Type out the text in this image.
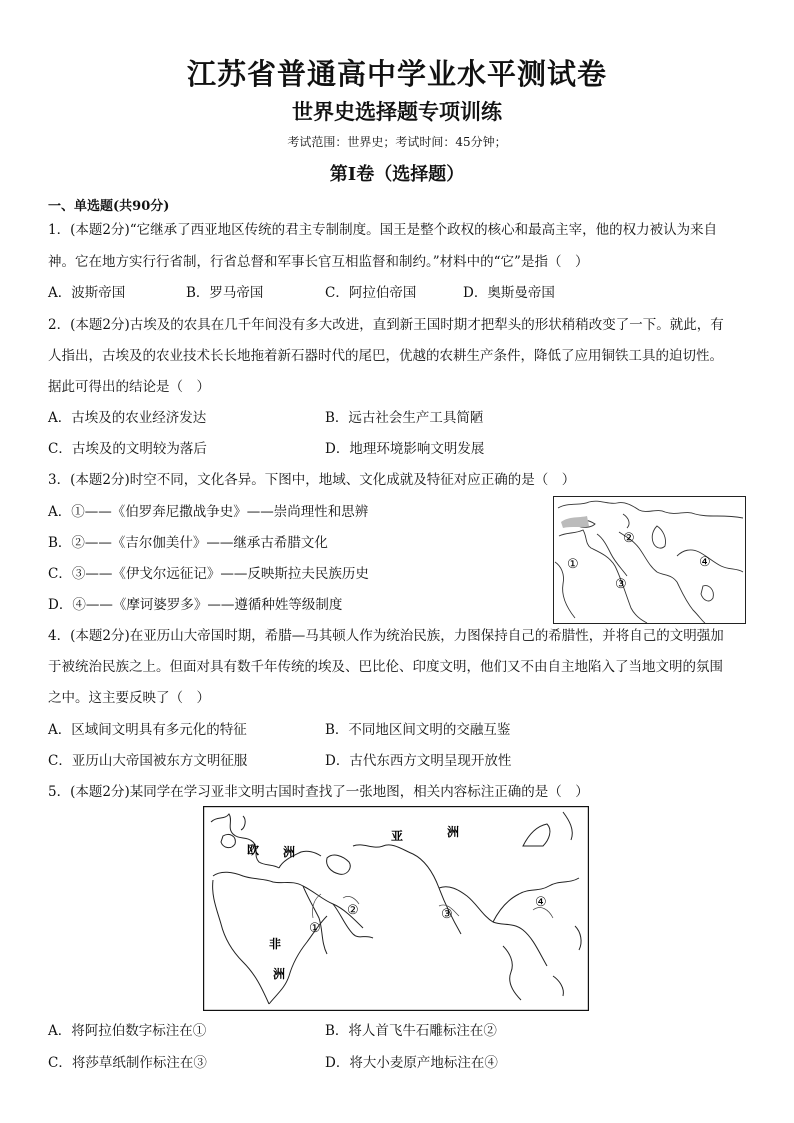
江苏省普通高中学业水平测试卷
世界史选择题专项训练
考试范围：世界史；考试时间：45分钟；
第Ⅰ卷（选择题）
一、单选题(共90分)
1．(本题2分)“它继承了西亚地区传统的君主专制制度。国王是整个政权的核心和最高主宰，他的权力被认为来自
神。它在地方实行行省制，行省总督和军事长官互相监督和制约。”材料中的“它”是指（　）
A．波斯帝国	B．罗马帝国	C．阿拉伯帝国	D．奥斯曼帝国
2．(本题2分)古埃及的农具在几千年间没有多大改进，直到新王国时期才把犁头的形状稍稍改变了一下。就此，有
人指出，古埃及的农业技术长长地拖着新石器时代的尾巴，优越的农耕生产条件，降低了应用铜铁工具的迫切性。
据此可得出的结论是（　）
A．古埃及的农业经济发达	B．远古社会生产工具简陋
C．古埃及的文明较为落后	D．地理环境影响文明发展
3．(本题2分)时空不同，文化各异。下图中，地域、文化成就及特征对应正确的是（　）
A．①——《伯罗奔尼撒战争史》——崇尚理性和思辨
B．②——《吉尔伽美什》——继承古希腊文化
C．③——《伊戈尔远征记》——反映斯拉夫民族历史
D．④——《摩诃婆罗多》——遵循种姓等级制度
①
②
③
④
4．(本题2分)在亚历山大帝国时期，希腊—马其顿人作为统治民族，力图保持自己的希腊性，并将自己的文明强加
于被统治民族之上。但面对具有数千年传统的埃及、巴比伦、印度文明，他们又不由自主地陷入了当地文明的氛围
之中。这主要反映了（　）
A．区域间文明具有多元化的特征	B．不同地区间文明的交融互鉴
C．亚历山大帝国被东方文明征服	D．古代东西方文明呈现开放性
5．(本题2分)某同学在学习亚非文明古国时查找了一张地图，相关内容标注正确的是（　）
欧 洲
亚	洲
非
洲
①
②	③
④
A．将阿拉伯数字标注在①	B．将人首飞牛石雕标注在②
C．将莎草纸制作标注在③	D．将大小麦原产地标注在④
